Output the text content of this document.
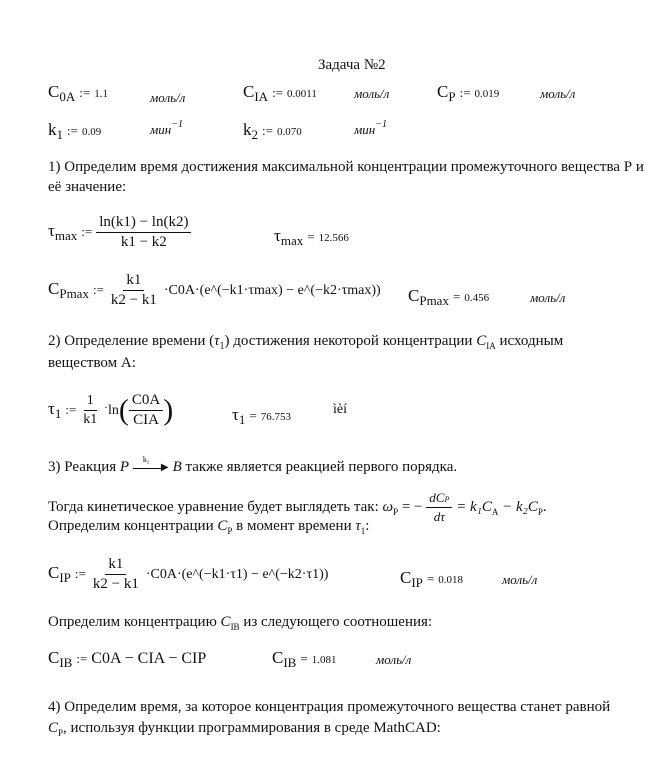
Задача №2
$C_{0A}$ := 1.1	моль/л	$C_{IA}$ := 0.0011	моль/л	$C_P$ := 0.019	моль/л
$k_1$ := 0.09	мин$^{-1}$	$k_2$ := 0.070	мин$^{-1}$
1) Определим время достижения максимальной концентрации промежуточного вещества Р и её значение:
$\tau_{max}$ := $\frac{\ln(k1) - \ln(k2)}{k1 - k2}$	$\tau_{max} = 12.566$
$C_{Pmax}$ := $\frac{k1}{k2 - k1}$ ·C0A·(e^(−k1·τmax) − e^(−k2·τmax)) $C_{Pmax} = 0.456$	моль/л
2) Определение времени $(\tau_1)$ достижения некоторой концентрации $C_{IA}$ исходным
веществом А:
$\tau_1$ := $\frac{1}{k1} \cdot\ln( \frac{C0A}{\text{CIA}}$ )	$\tau_1 = 76.753$	ìèí
3) Реакция P k₂
▶ B также является реакцией первого порядка.
Тогда кинетическое уравнение будет выглядеть так: $\omega_P$ = − $\frac{\text{dCP}}{d\tau} = k_1C_A - k_2C_P$.
Определим концентрации $C_P$ в момент времени $\tau_1$:
$C_{IP}$ := $\frac{k1}{k2 - k1}$ ·C0A·(e^(−k1·τ1) − e^(−k2·τ1))	$C_{IP} = 0.018$	моль/л
Определим концентрацию $C_{IB}$ из следующего соотношения:
$C_{IB}$ := C0A − CIA − CIP	$C_{IB} = 1.081$	моль/л
4) Определим время, за которое концентрация промежуточного вещества станет равной
$C_P$, используя функции программирования в среде MathCAD:
